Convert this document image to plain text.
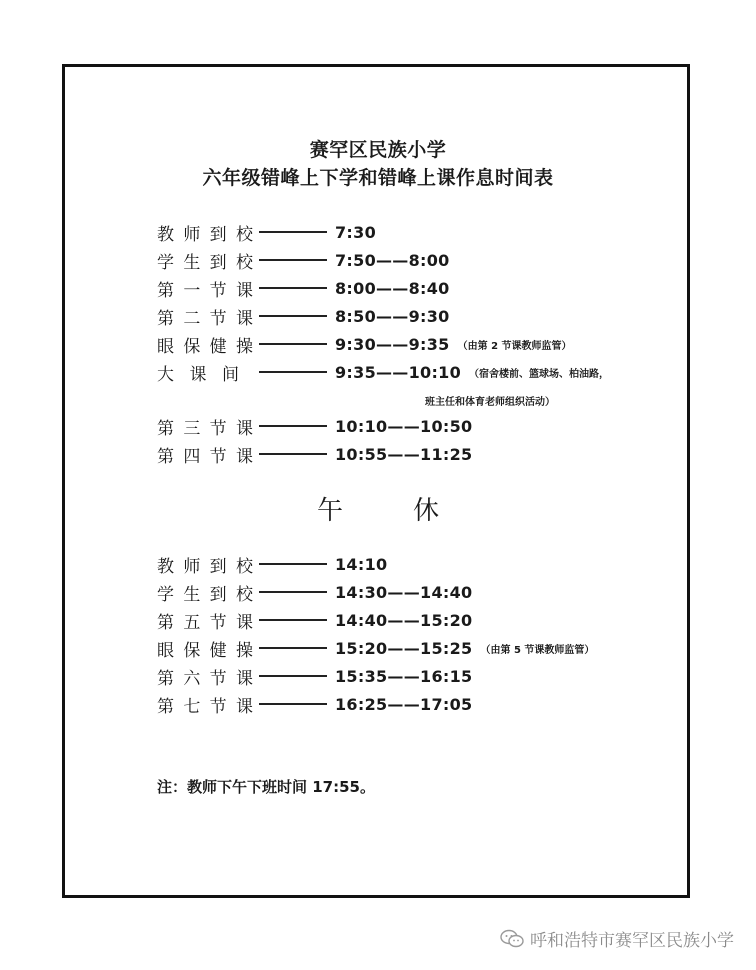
赛罕区民族小学
六年级错峰上下学和错峰上课作息时间表
教 师 到 校	7:30
学 生 到 校	7:50——8:00
第 一 节 课	8:00——8:40
第 二 节 课	8:50——9:30
眼 保 健 操	9:30——9:35 （由第 2 节课教师监管）
大 课 间	9:35——10:10 （宿舍楼前、篮球场、柏油路，
班主任和体育老师组织活动）
第 三 节 课	10:10——10:50
第 四 节 课	10:55——11:25
午休
教 师 到 校	14:10
学 生 到 校	14:30——14:40
第 五 节 课	14:40——15:20
眼 保 健 操	15:20——15:25 （由第 5 节课教师监管）
第 六 节 课	15:35——16:15
第 七 节 课	16:25——17:05
注：教师下午下班时间 17:55。
呼和浩特市赛罕区民族小学
